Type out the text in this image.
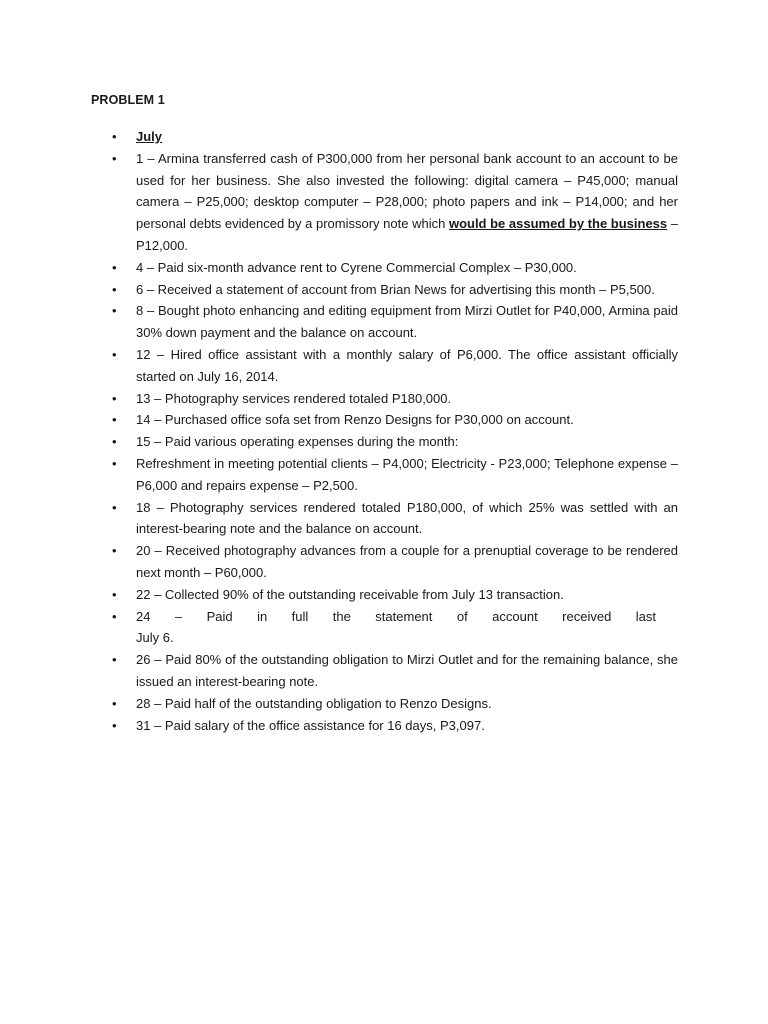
PROBLEM 1
•
July
•
1 – Armina transferred cash of P300,000 from her personal bank account to an account to be used for her business. She also invested the following: digital camera – P45,000; manual camera – P25,000; desktop computer – P28,000; photo papers and ink – P14,000; and her personal debts evidenced by a promissory note which would be assumed by the business – P12,000.
•
4 – Paid six-month advance rent to Cyrene Commercial Complex – P30,000.
•
6 – Received a statement of account from Brian News for advertising this month – P5,500.
•
8 – Bought photo enhancing and editing equipment from Mirzi Outlet for P40,000, Armina paid 30% down payment and the balance on account.
•
12 – Hired office assistant with a monthly salary of P6,000. The office assistant officially started on July 16, 2014.
•
13 – Photography services rendered totaled P180,000.
•
14 – Purchased office sofa set from Renzo Designs for P30,000 on account.
•
15 – Paid various operating expenses during the month:
•
Refreshment in meeting potential clients – P4,000; Electricity - P23,000; Telephone expense – P6,000 and repairs expense – P2,500.
•
18 – Photography services rendered totaled P180,000, of which 25% was settled with an interest-bearing note and the balance on account.
•
20 – Received photography advances from a couple for a prenuptial coverage to be rendered next month – P60,000.
•
22 – Collected 90% of the outstanding receivable from July 13 transaction.
•
24 – Paid in full the statement of account received last
July 6.
•
26 – Paid 80% of the outstanding obligation to Mirzi Outlet and for the remaining balance, she issued an interest-bearing note.
•
28 – Paid half of the outstanding obligation to Renzo Designs.
•
31 – Paid salary of the office assistance for 16 days, P3,097.
